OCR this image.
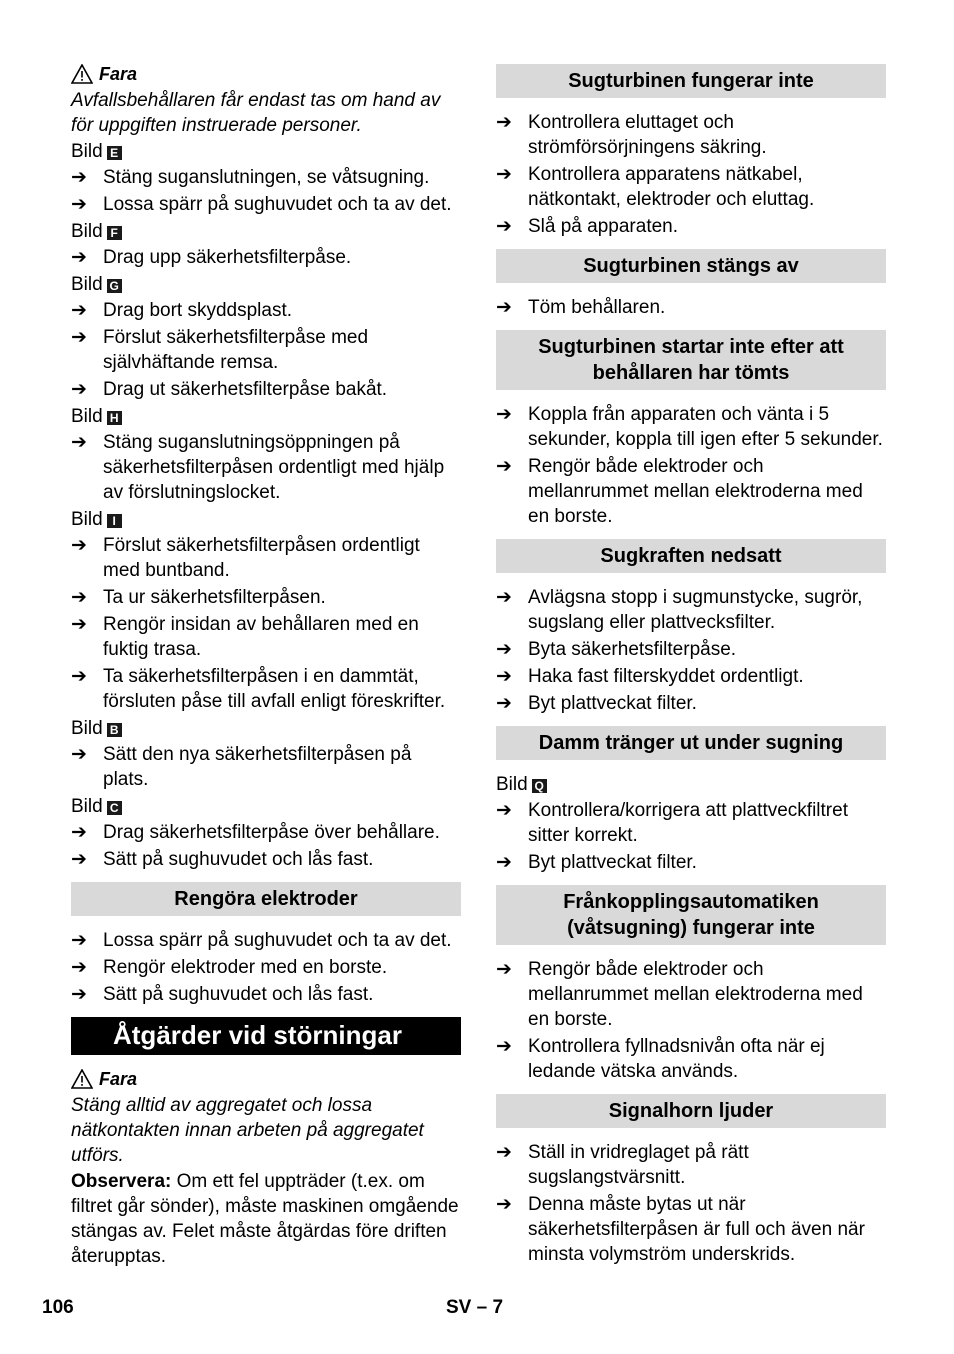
Fara

Avfallsbehållaren får endast tas om hand av för uppgiften instruerade personer.

Bild E
➔ Stäng suganslutningen, se våtsugning.
➔ Lossa spärr på sughuvudet och ta av det.
Bild F
➔ Drag upp säkerhetsfilterpåse.
Bild G
➔ Drag bort skyddsplast.
➔ Förslut säkerhetsfilterpåse med självhäftande remsa.
➔ Drag ut säkerhetsfilterpåse bakåt.
Bild H
➔ Stäng suganslutningsöppningen på säkerhetsfilterpåsen ordentligt med hjälp av förslutningslocket.
Bild I
➔ Förslut säkerhetsfilterpåsen ordentligt med buntband.
➔ Ta ur säkerhetsfilterpåsen.
➔ Rengör insidan av behållaren med en fuktig trasa.
➔ Ta säkerhetsfilterpåsen i en dammtät, försluten påse till avfall enligt föreskrifter.
Bild B
➔ Sätt den nya säkerhetsfilterpåsen på plats.
Bild C
➔ Drag säkerhetsfilterpåse över behållare.
➔ Sätt på sughuvudet och lås fast.
Rengöra elektroder
➔ Lossa spärr på sughuvudet och ta av det.
➔ Rengör elektroder med en borste.
➔ Sätt på sughuvudet och lås fast.
Åtgärder vid störningar
Fara

Stäng alltid av aggregatet och lossa nätkontakten innan arbeten på aggregatet utförs.

Observera: Om ett fel uppträder (t.ex. om filtret går sönder), måste maskinen omgående stängas av. Felet måste åtgärdas före driften återupptas.

Sugturbinen fungerar inte
➔ Kontrollera eluttaget och strömförsörjningens säkring.
➔ Kontrollera apparatens nätkabel, nätkontakt, elektroder och eluttag.
➔ Slå på apparaten.
Sugturbinen stängs av
➔ Töm behållaren.
Sugturbinen startar inte efter att behållaren har tömts
➔ Koppla från apparaten och vänta i 5 sekunder, koppla till igen efter 5 sekunder.
➔ Rengör både elektroder och mellanrummet mellan elektroderna med en borste.
Sugkraften nedsatt
➔ Avlägsna stopp i sugmunstycke, sugrör, sugslang eller plattvecksfilter.
➔ Byta säkerhetsfilterpåse.
➔ Haka fast filterskyddet ordentligt.
➔ Byt plattveckat filter.
Damm tränger ut under sugning
Bild Q
➔ Kontrollera/korrigera att plattveckfiltret sitter korrekt.
➔ Byt plattveckat filter.
Frånkopplingsautomatiken (våtsugning) fungerar inte
➔ Rengör både elektroder och mellanrummet mellan elektroderna med en borste.
➔ Kontrollera fyllnadsnivån ofta när ej ledande vätska används.
Signalhorn ljuder
➔ Ställ in vridreglaget på rätt sugslangstvärsnitt.
➔ Denna måste bytas ut när säkerhetsfilterpåsen är full och även när minsta volymström underskrids.
106	SV – 7
